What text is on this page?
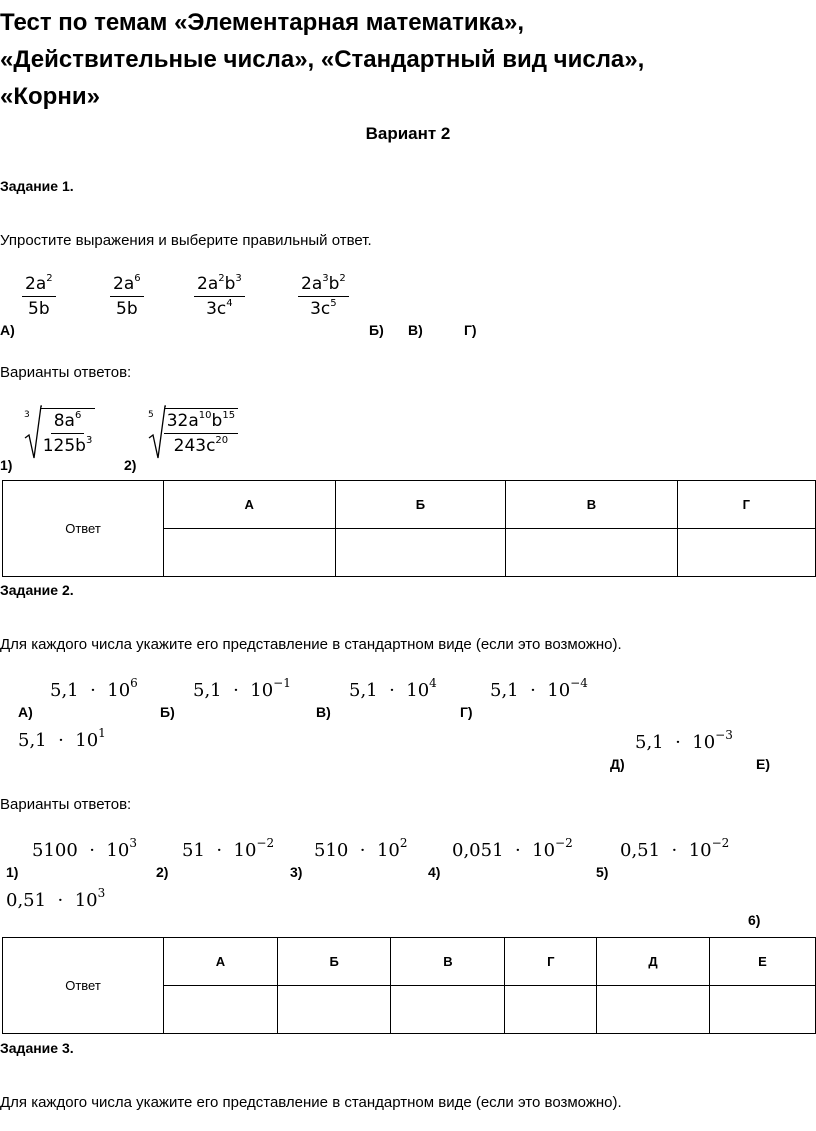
Тест по темам «Элементарная математика»,
«Действительные числа», «Стандартный вид числа»,
«Корни»
Вариант 2
Задание 1.
Упростите выражения и выберите правильный ответ.
А)	Б) В)	Г)
Варианты ответов:
1)	2)
Ответ	А	Б	В	Г

Задание 2.
Для каждого числа укажите его представление в стандартном виде (если это возможно).
Варианты ответов:
Ответ	А	Б	В	Г	Д	Е

Задание 3.
Для каждого числа укажите его представление в стандартном виде (если это возможно).
$\frac{2a^2}{5b}$	$\frac{2a^6}{5b}$	$\frac{2a^2b^3}{3c^4}$	$\frac{2a^3b^2}{3c^5}$
$3 \frac{8a^6}{125b^3}$	$5 \frac{32a^{10}b^{15}}{243c^{20}}$
$5,1 \cdot 10^6$
А)
$5,1 \cdot 10^{-1}$
Б)
$5,1 \cdot 10^4$
В)
$5,1 \cdot 10^{-4}$
Г)
$5,1 \cdot 10^1$
Д)
$5,1 \cdot 10^{-3}$
Е)
$5100 \cdot 10^3$
1)
$51 \cdot 10^{-2}$
2)
$510 \cdot 10^2$
3)
$0,051 \cdot 10^{-2}$
4)
$0,51 \cdot 10^{-2}$
5)
$0,51 \cdot 10^3$
6)
